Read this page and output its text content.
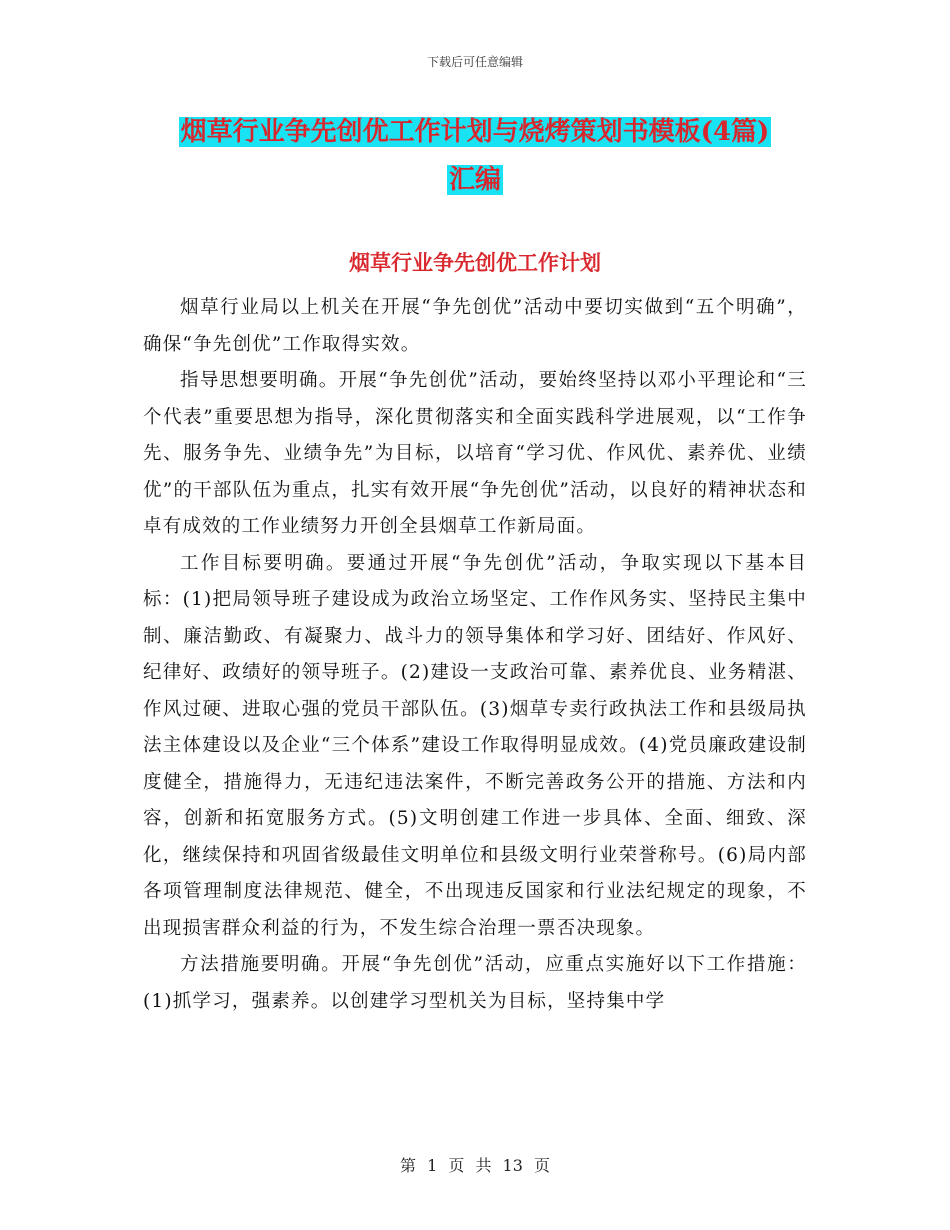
下载后可任意编辑
烟草行业争先创优工作计划与烧烤策划书模板(4篇)
汇编
烟草行业争先创优工作计划

烟草行业局以上机关在开展“争先创优”活动中要切实做到“五个明确”，确保“争先创优”工作取得实效。

指导思想要明确。开展“争先创优”活动，要始终坚持以邓小平理论和“三个代表”重要思想为指导，深化贯彻落实和全面实践科学进展观，以“工作争先、服务争先、业绩争先”为目标，以培育“学习优、作风优、素养优、业绩优”的干部队伍为重点，扎实有效开展“争先创优”活动，以良好的精神状态和卓有成效的工作业绩努力开创全县烟草工作新局面。

工作目标要明确。要通过开展“争先创优”活动，争取实现以下基本目标：(1)把局领导班子建设成为政治立场坚定、工作作风务实、坚持民主集中制、廉洁勤政、有凝聚力、战斗力的领导集体和学习好、团结好、作风好、纪律好、政绩好的领导班子。(2)建设一支政治可靠、素养优良、业务精湛、作风过硬、进取心强的党员干部队伍。(3)烟草专卖行政执法工作和县级局执法主体建设以及企业“三个体系”建设工作取得明显成效。(4)党员廉政建设制度健全，措施得力，无违纪违法案件，不断完善政务公开的措施、方法和内容，创新和拓宽服务方式。(5)文明创建工作进一步具体、全面、细致、深化，继续保持和巩固省级最佳文明单位和县级文明行业荣誉称号。(6)局内部各项管理制度法律规范、健全，不出现违反国家和行业法纪规定的现象，不出现损害群众利益的行为，不发生综合治理一票否决现象。

方法措施要明确。开展“争先创优”活动，应重点实施好以下工作措施：(1)抓学习，强素养。以创建学习型机关为目标，坚持集中学

第 1 页 共 13 页
